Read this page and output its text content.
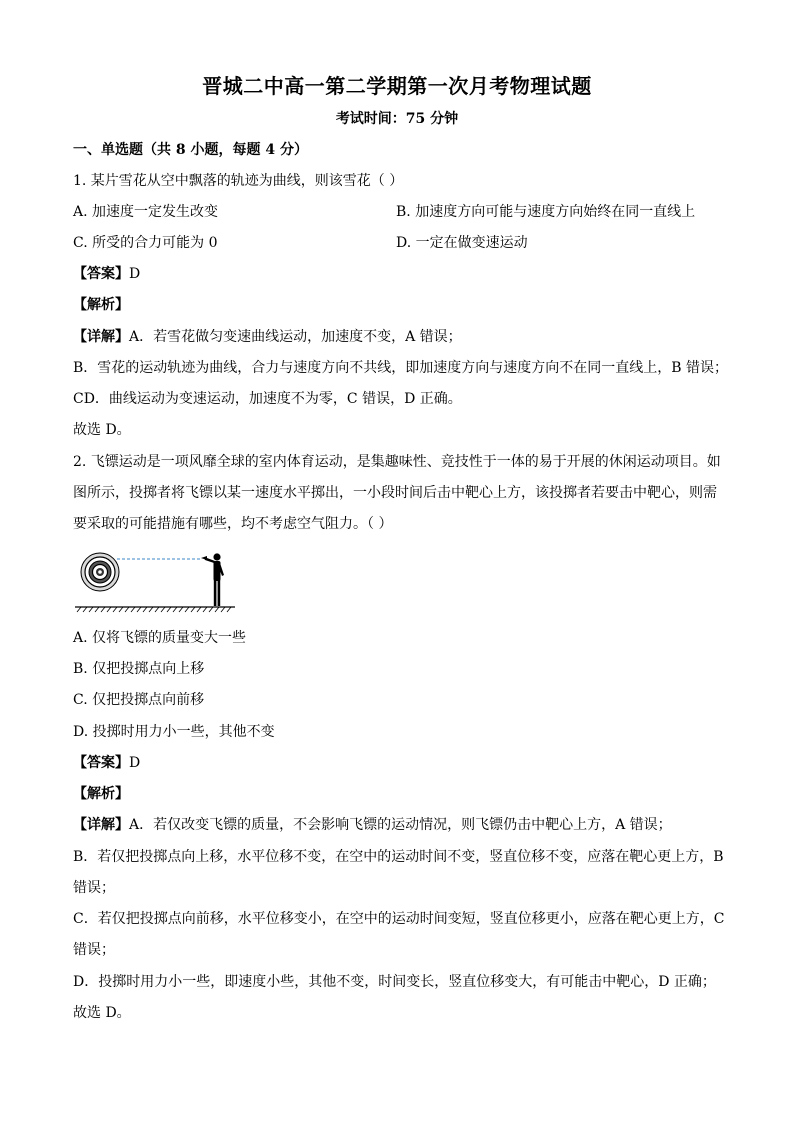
晋城二中高一第二学期第一次月考物理试题
考试时间：75 分钟
一、单选题（共 8 小题，每题 4 分）
1. 某片雪花从空中飘落的轨迹为曲线，则该雪花（ ）
A. 加速度一定发生改变	B. 加速度方向可能与速度方向始终在同一直线上
C. 所受的合力可能为 0	D. 一定在做变速运动
【答案】D
【解析】
【详解】A．若雪花做匀变速曲线运动，加速度不变，A 错误；
B．雪花的运动轨迹为曲线，合力与速度方向不共线，即加速度方向与速度方向不在同一直线上，B 错误；
CD．曲线运动为变速运动，加速度不为零，C 错误，D 正确。
故选 D。
2. 飞镖运动是一项风靡全球的室内体育运动，是集趣味性、竞技性于一体的易于开展的休闲运动项目。如
图所示，投掷者将飞镖以某一速度水平掷出，一小段时间后击中靶心上方，该投掷者若要击中靶心，则需
要采取的可能措施有哪些，均不考虑空气阻力。（ ）
A. 仅将飞镖的质量变大一些
B. 仅把投掷点向上移
C. 仅把投掷点向前移
D. 投掷时用力小一些，其他不变
【答案】D
【解析】
【详解】A．若仅改变飞镖的质量，不会影响飞镖的运动情况，则飞镖仍击中靶心上方，A 错误；
B．若仅把投掷点向上移，水平位移不变，在空中的运动时间不变，竖直位移不变，应落在靶心更上方，B
错误；
C．若仅把投掷点向前移，水平位移变小，在空中的运动时间变短，竖直位移更小，应落在靶心更上方，C
错误；
D．投掷时用力小一些，即速度小些，其他不变，时间变长，竖直位移变大，有可能击中靶心，D 正确；
故选 D。
